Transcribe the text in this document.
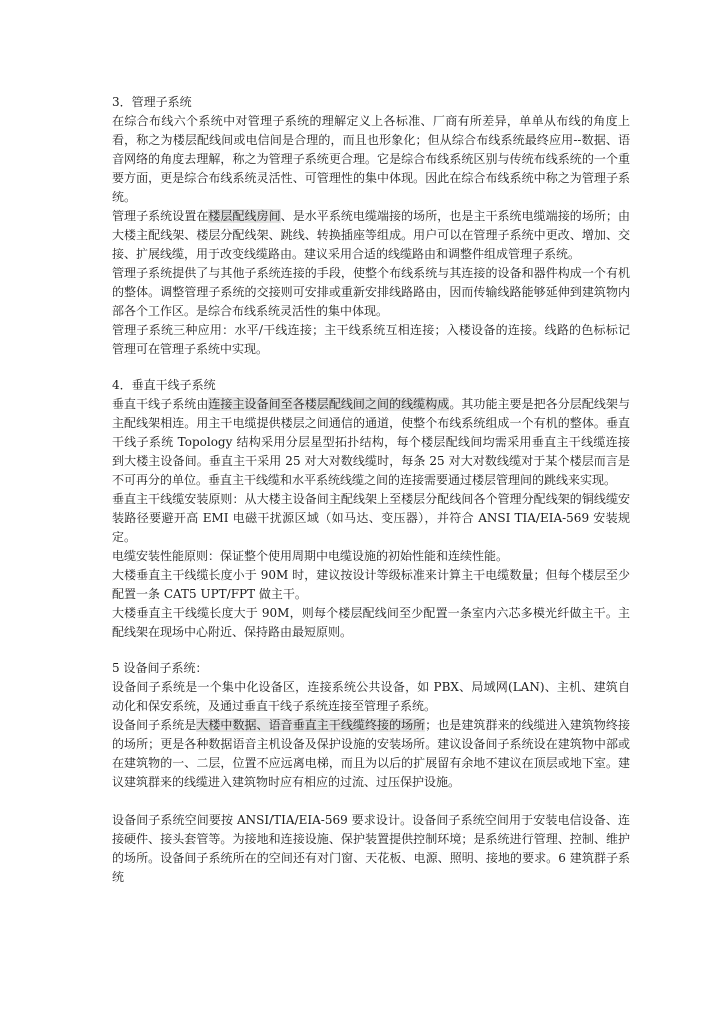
3．管理子系统

在综合布线六个系统中对管理子系统的理解定义上各标准、厂商有所差异，单单从布线的角度上看，称之为楼层配线间或电信间是合理的，而且也形象化；但从综合布线系统最终应用--数据、语音网络的角度去理解，称之为管理子系统更合理。它是综合布线系统区别与传统布线系统的一个重要方面，更是综合布线系统灵活性、可管理性的集中体现。因此在综合布线系统中称之为管理子系统。

管理子系统设置在楼层配线房间、是水平系统电缆端接的场所，也是主干系统电缆端接的场所；由大楼主配线架、楼层分配线架、跳线、转换插座等组成。用户可以在管理子系统中更改、增加、交接、扩展线缆，用于改变线缆路由。建议采用合适的线缆路由和调整件组成管理子系统。

管理子系统提供了与其他子系统连接的手段，使整个布线系统与其连接的设备和器件构成一个有机的整体。调整管理子系统的交接则可安排或重新安排线路路由，因而传输线路能够延伸到建筑物内部各个工作区。是综合布线系统灵活性的集中体现。

管理子系统三种应用：水平/干线连接；主干线系统互相连接；入楼设备的连接。线路的色标标记管理可在管理子系统中实现。

4．垂直干线子系统

垂直干线子系统由连接主设备间至各楼层配线间之间的线缆构成。其功能主要是把各分层配线架与主配线架相连。用主干电缆提供楼层之间通信的通道，使整个布线系统组成一个有机的整体。垂直干线子系统 Topology 结构采用分层星型拓扑结构，每个楼层配线间均需采用垂直主干线缆连接到大楼主设备间。垂直主干采用 25 对大对数线缆时，每条 25 对大对数线缆对于某个楼层而言是不可再分的单位。垂直主干线缆和水平系统线缆之间的连接需要通过楼层管理间的跳线来实现。

垂直主干线缆安装原则：从大楼主设备间主配线架上至楼层分配线间各个管理分配线架的铜线缆安装路径要避开高 EMI 电磁干扰源区域（如马达、变压器），并符合 ANSI TIA/EIA-569 安装规定。

电缆安装性能原则：保证整个使用周期中电缆设施的初始性能和连续性能。

大楼垂直主干线缆长度小于 90M 时，建议按设计等级标准来计算主干电缆数量；但每个楼层至少配置一条 CAT5 UPT/FPT 做主干。

大楼垂直主干线缆长度大于 90M，则每个楼层配线间至少配置一条室内六芯多模光纤做主干。主配线架在现场中心附近、保持路由最短原则。

5 设备间子系统：

设备间子系统是一个集中化设备区，连接系统公共设备，如 PBX、局域网(LAN)、主机、建筑自动化和保安系统，及通过垂直干线子系统连接至管理子系统。

设备间子系统是大楼中数据、语音垂直主干线缆终接的场所；也是建筑群来的线缆进入建筑物终接的场所；更是各种数据语音主机设备及保护设施的安装场所。建议设备间子系统设在建筑物中部或在建筑物的一、二层，位置不应远离电梯，而且为以后的扩展留有余地不建议在顶层或地下室。建议建筑群来的线缆进入建筑物时应有相应的过流、过压保护设施。

设备间子系统空间要按 ANSI/TIA/EIA-569 要求设计。设备间子系统空间用于安装电信设备、连接硬件、接头套管等。为接地和连接设施、保护装置提供控制环境；是系统进行管理、控制、维护的场所。设备间子系统所在的空间还有对门窗、天花板、电源、照明、接地的要求。6 建筑群子系统
